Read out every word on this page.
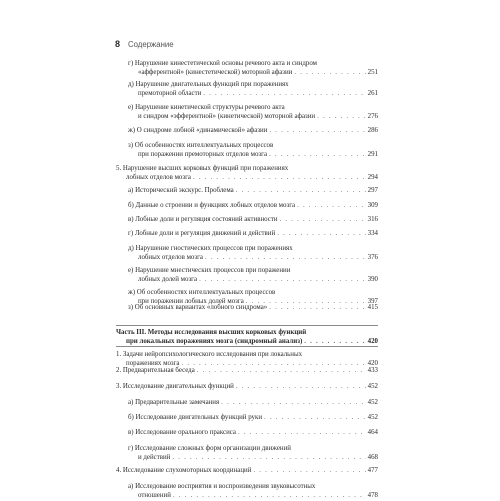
8 Содержание
г) Нарушение кинестетической основы речевого акта и синдром
«афферентной» (кинестетической) моторной афазии . . .	251
д) Нарушение двигательных функций при поражениях
премоторной области . . .	261
е) Нарушение кинетической структуры речевого акта
и синдром «эфферентной» (кинетической) моторной афазии . . .	276
ж) О синдроме лобной «динамической» афазии . . .	286
з) Об особенностях интеллектуальных процессов
при поражении премоторных отделов мозга . . .	291
5. Нарушение высших корковых функций при поражениях
лобных отделов мозга . . .	294
а) Исторический экскурс. Проблема . . .	297
б) Данные о строении и функциях лобных отделов мозга . . .	309
в) Лобные доли и регуляция состояний активности . . .	316
г) Лобные доли и регуляция движений и действий . . .	334
д) Нарушение гностических процессов при поражениях
лобных отделов мозга . . .	376
е) Нарушение мнестических процессов при поражении
лобных долей мозга . . .	390
ж) Об особенностях интеллектуальных процессов
при поражении лобных долей мозга . . .	397
з) Об основных вариантах «лобного синдрома» . . .	415
Часть III. Методы исследования высших корковых функций
при локальных поражениях мозга (синдромный анализ) . . .	420
1. Задачи нейропсихологического исследования при локальных
поражениях мозга . . .	420
2. Предварительная беседа . . .	433
3. Исследование двигательных функций . . .	452
а) Предварительные замечания . . .	452
б) Исследование двигательных функций руки . . .	452
в) Исследование орального праксиса . . .	464
г) Исследование сложных форм организации движений
и действий . . .	468
4. Исследование слухомоторных координаций . . .	477
а) Исследование восприятия и воспроизведения звуковысотных
отношений . . .	478
